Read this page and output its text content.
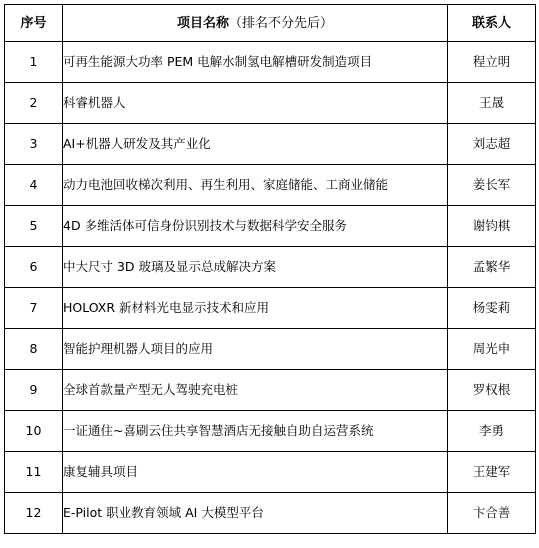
序号	项目名称（排名不分先后）	联系人
1	可再生能源大功率 PEM 电解水制氢电解槽研发制造项目	程立明
2	科睿机器人	王晟
3	AI+机器人研发及其产业化	刘志超
4	动力电池回收梯次利用、再生利用、家庭储能、工商业储能	姜长军
5	4D 多维活体可信身份识别技术与数据科学安全服务	谢钧棋
6	中大尺寸 3D 玻璃及显示总成解决方案	孟繁华
7	HOLOXR 新材料光电显示技术和应用	杨雯莉
8	智能护理机器人项目的应用	周光申
9	全球首款量产型无人驾驶充电桩	罗权根
10	一证通住~喜刷云住共享智慧酒店无接触自助自运营系统	李勇
11	康复辅具项目	王建军
12	E-Pilot 职业教育领域 AI 大模型平台	卞合善
